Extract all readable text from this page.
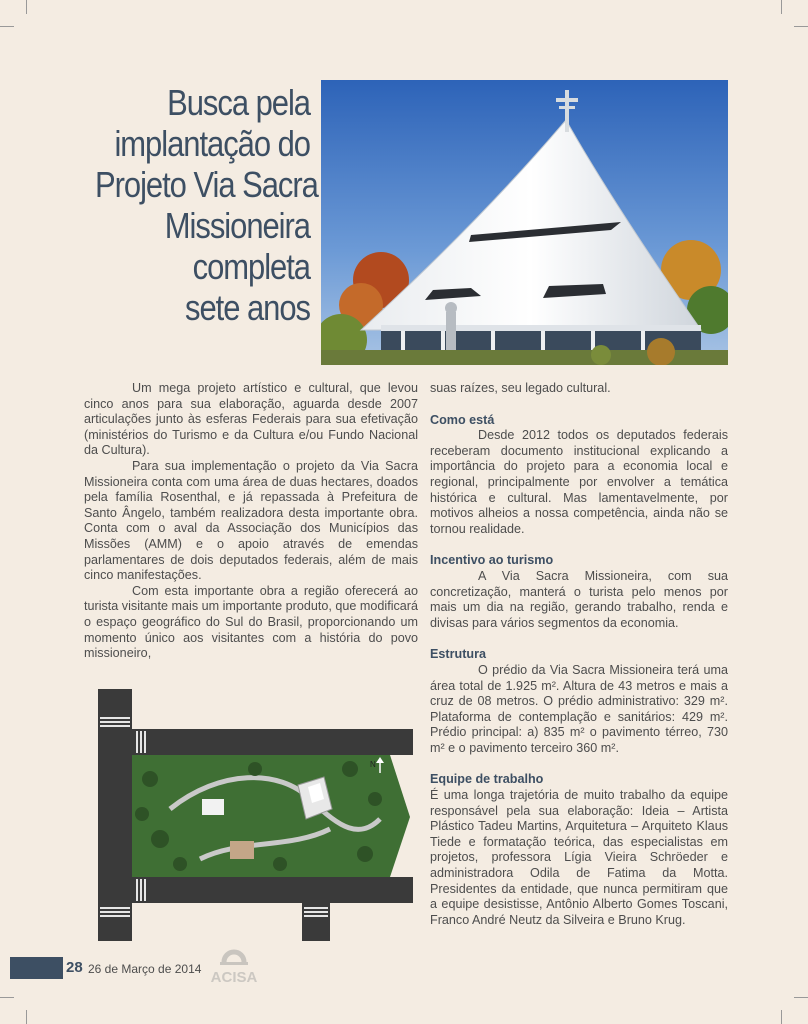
Busca pela
implantação do
Projeto Via Sacra
Missioneira
completa
sete anos

Um mega projeto artístico e cultural, que levou cinco anos para sua elaboração, aguarda desde 2007 articulações junto às esferas Federais para sua efetivação (ministérios do Turismo e da Cultura e/ou Fundo Nacional da Cultura).

Para sua implementação o projeto da Via Sacra Missioneira conta com uma área de duas hectares, doados pela família Rosenthal, e já repassada à Prefeitura de Santo Ângelo, também realizadora desta importante obra. Conta com o aval da Associação dos Municípios das Missões (AMM) e o apoio através de emendas parlamentares de dois deputados federais, além de mais cinco manifestações.

Com esta importante obra a região oferecerá ao turista visitante mais um importante produto, que modificará o espaço geográfico do Sul do Brasil, proporcionando um momento único aos visitantes com a história do povo missioneiro,

suas raízes, seu legado cultural.

Como está

Desde 2012 todos os deputados federais receberam documento institucional explicando a importância do projeto para a economia local e regional, principalmente por envolver a temática histórica e cultural. Mas lamentavelmente, por motivos alheios a nossa competência, ainda não se tornou realidade.

Incentivo ao turismo

A Via Sacra Missioneira, com sua concretização, manterá o turista pelo menos por mais um dia na região, gerando trabalho, renda e divisas para vários segmentos da economia.

Estrutura

O prédio da Via Sacra Missioneira terá uma área total de 1.925 m². Altura de 43 metros e mais a cruz de 08 metros. O prédio administrativo: 329 m². Plataforma de contemplação e sanitários: 429 m². Prédio principal: a) 835 m² o pavimento térreo, 730 m² e o pavimento terceiro 360 m².

Equipe de trabalho

É uma longa trajetória de muito trabalho da equipe responsável pela sua elaboração: Ideia – Artista Plástico Tadeu Martins, Arquitetura – Arquiteto Klaus Tiede e formatação teórica, das especialistas em projetos, professora Lígia Vieira Schröeder e administradora Odila de Fatima da Motta. Presidentes da entidade, que nunca permitiram que a equipe desistisse, Antônio Alberto Gomes Toscani, Franco André Neutz da Silveira e Bruno Krug.

N
28 26 de Março de 2014 ACISA
